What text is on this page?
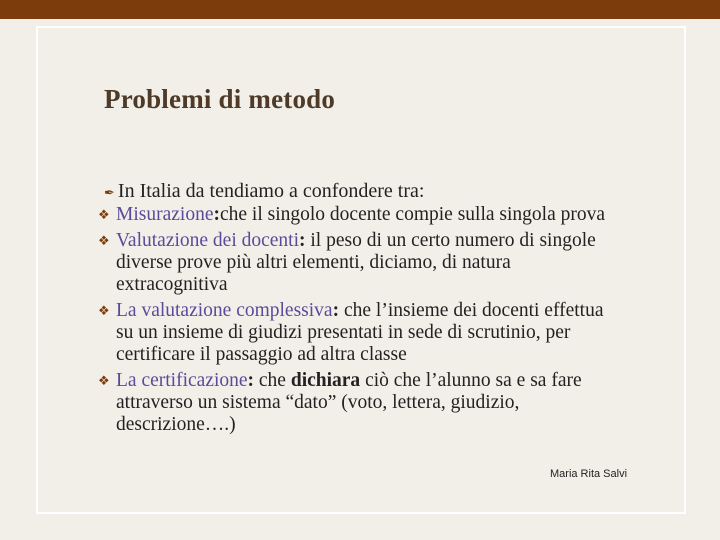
Problemi di metodo
✒ In Italia da tendiamo a confondere tra:
❖ Misurazione:che il singolo docente compie sulla singola prova
❖ Valutazione dei docenti: il peso di un certo numero di singole diverse prove più altri elementi, diciamo, di natura extracognitiva
❖ La valutazione complessiva: che l’insieme dei docenti effettua su un insieme di giudizi presentati in sede di scrutinio, per certificare il passaggio ad altra classe
❖ La certificazione: che dichiara ciò che l’alunno sa e sa fare attraverso un sistema “dato” (voto, lettera, giudizio, descrizione….)
Maria Rita Salvi
